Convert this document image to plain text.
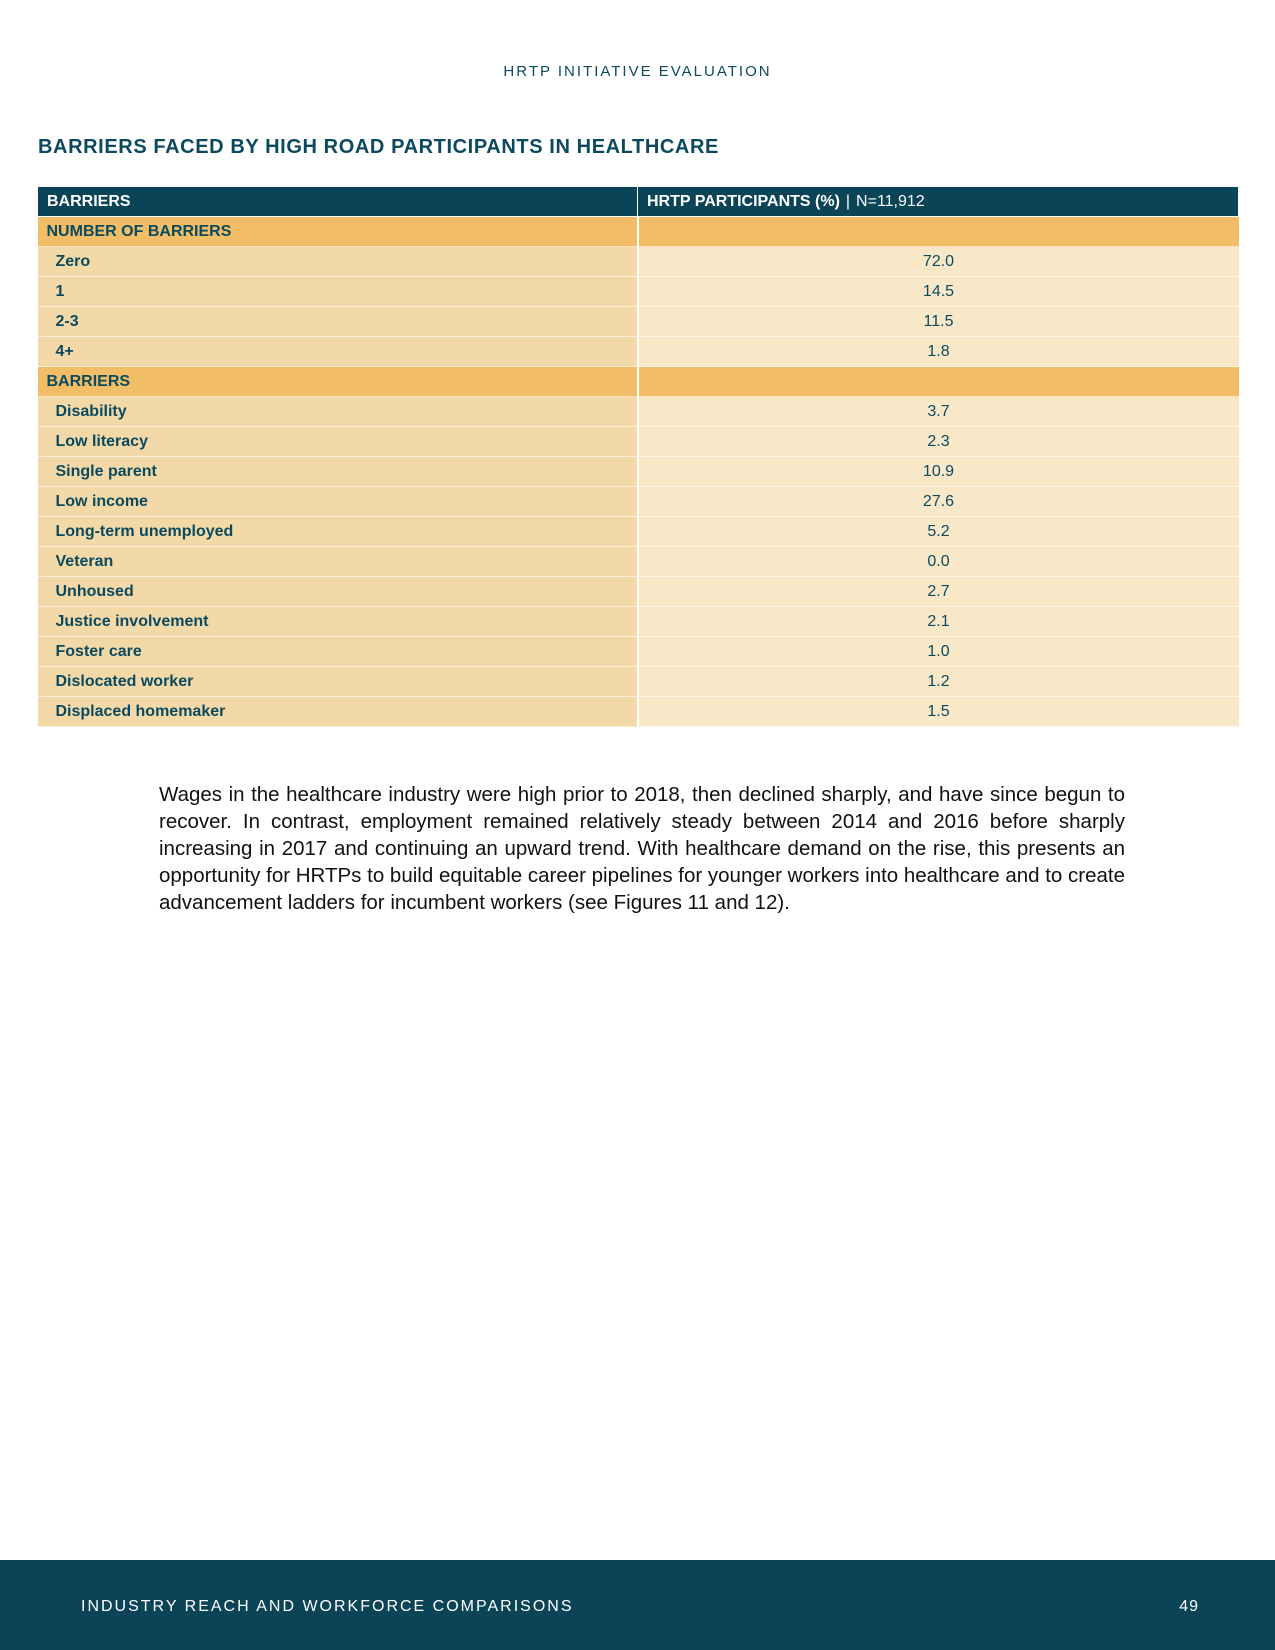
HRTP INITIATIVE EVALUATION
BARRIERS FACED BY HIGH ROAD PARTICIPANTS IN HEALTHCARE
BARRIERS	HRTP PARTICIPANTS (%) | N=11,912
NUMBER OF BARRIERS	
Zero	72.0
1	14.5
2-3	11.5
4+	1.8
BARRIERS	
Disability	3.7
Low literacy	2.3
Single parent	10.9
Low income	27.6
Long-term unemployed	5.2
Veteran	0.0
Unhoused	2.7
Justice involvement	2.1
Foster care	1.0
Dislocated worker	1.2
Displaced homemaker	1.5

Wages in the healthcare industry were high prior to 2018, then declined sharply, and have since begun to recover. In contrast, employment remained relatively steady between 2014 and 2016 before sharply increasing in 2017 and continuing an upward trend. With healthcare demand on the rise, this presents an opportunity for HRTPs to build equitable career pipelines for younger workers into healthcare and to create advancement ladders for incumbent workers (see Figures 11 and 12).

INDUSTRY REACH AND WORKFORCE COMPARISONS	49
